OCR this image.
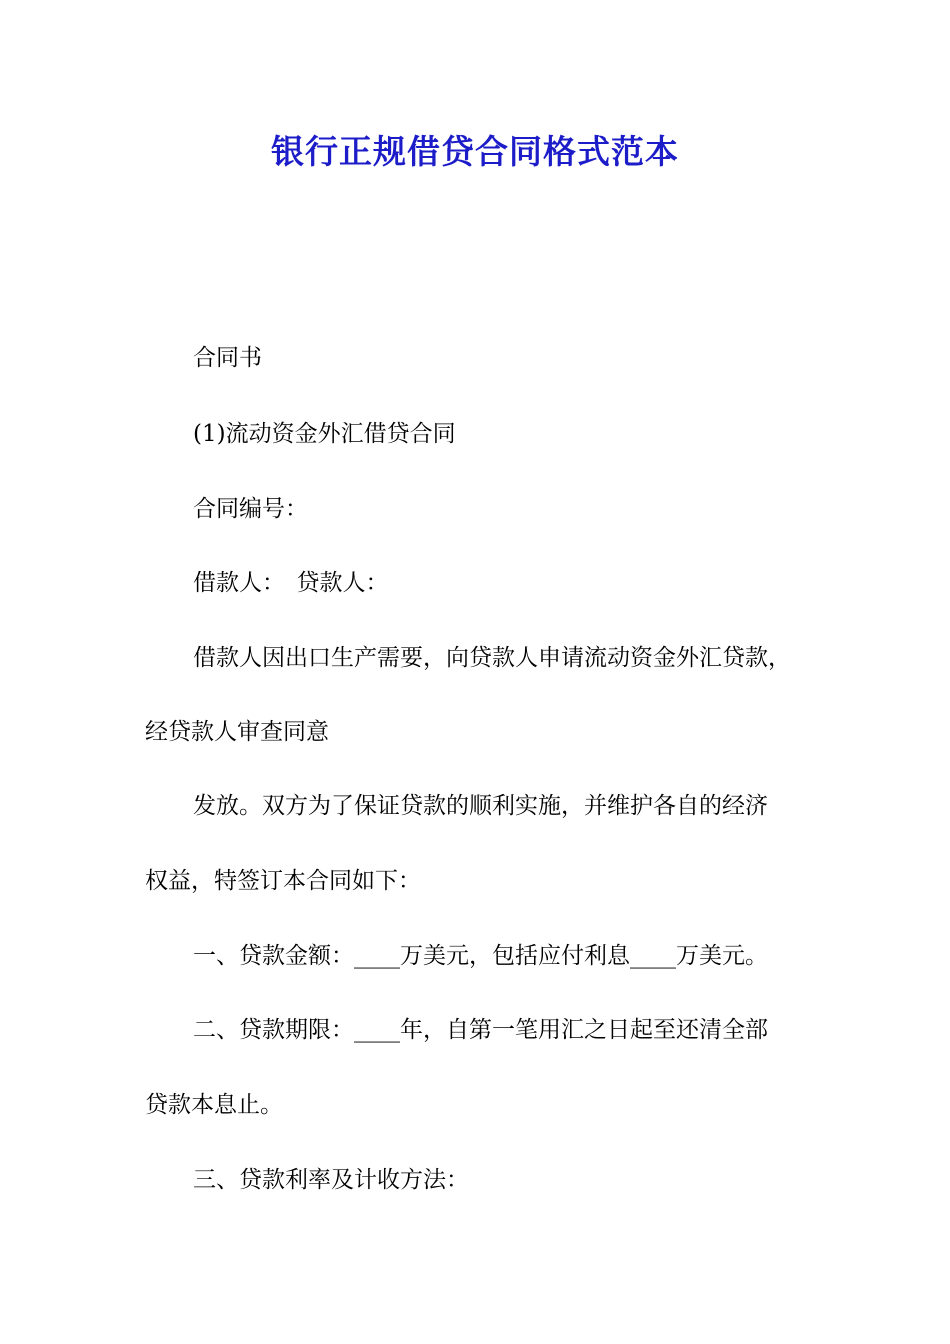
银行正规借贷合同格式范本

合同书

(1)流动资金外汇借贷合同

合同编号：

借款人：　贷款人：

借款人因出口生产需要，向贷款人申请流动资金外汇贷款，

经贷款人审查同意

发放。双方为了保证贷款的顺利实施，并维护各自的经济

权益，特签订本合同如下：

一、贷款金额：____万美元，包括应付利息____万美元。

二、贷款期限：____年，自第一笔用汇之日起至还清全部

贷款本息止。

三、贷款利率及计收方法：
